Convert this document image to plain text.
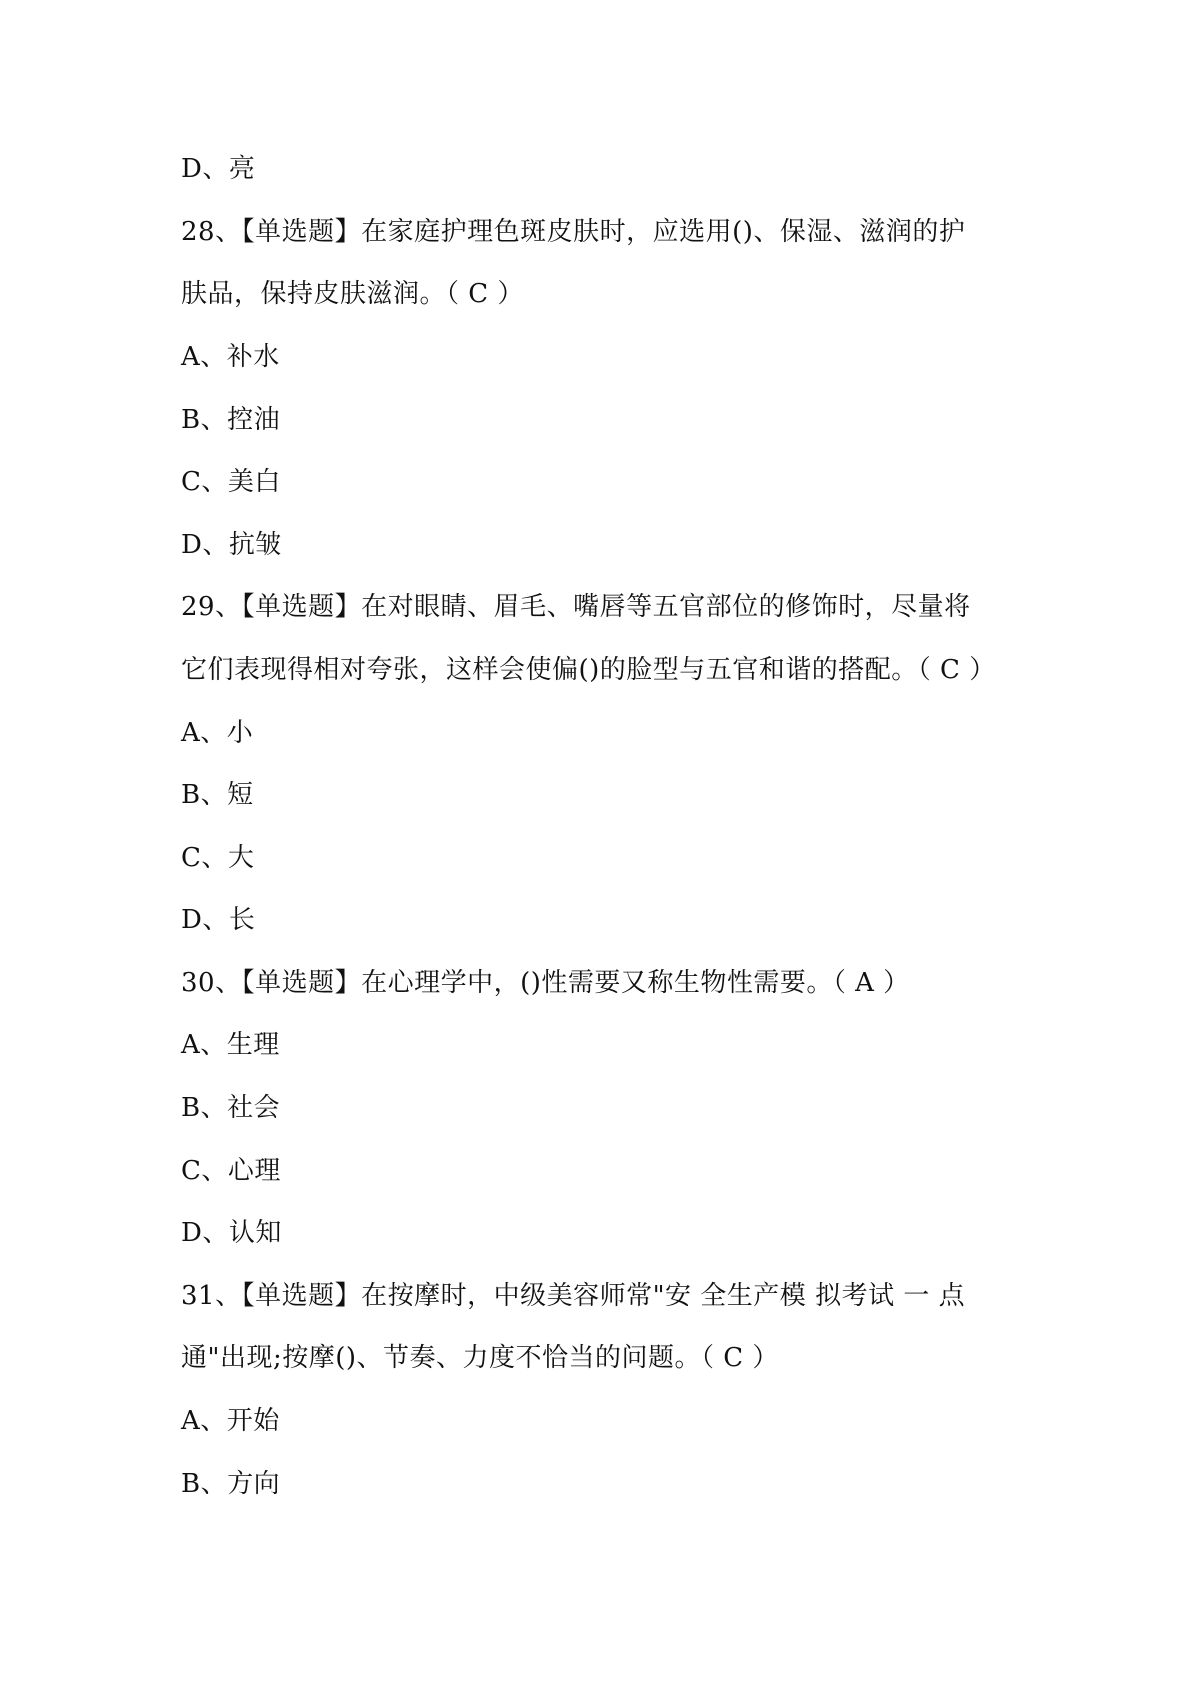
D、亮
28、【单选题】在家庭护理色斑皮肤时，应选用()、保湿、滋润的护
肤品，保持皮肤滋润。（ C ）
A、补水
B、控油
C、美白
D、抗皱
29、【单选题】在对眼睛、眉毛、嘴唇等五官部位的修饰时，尽量将
它们表现得相对夸张，这样会使偏()的脸型与五官和谐的搭配。（ C ）
A、小
B、短
C、大
D、长
30、【单选题】在心理学中，()性需要又称生物性需要。（ A ）
A、生理
B、社会
C、心理
D、认知
31、【单选题】在按摩时，中级美容师常"安 全生产模 拟考试 一 点
通"出现;按摩()、节奏、力度不恰当的问题。（ C ）
A、开始
B、方向
